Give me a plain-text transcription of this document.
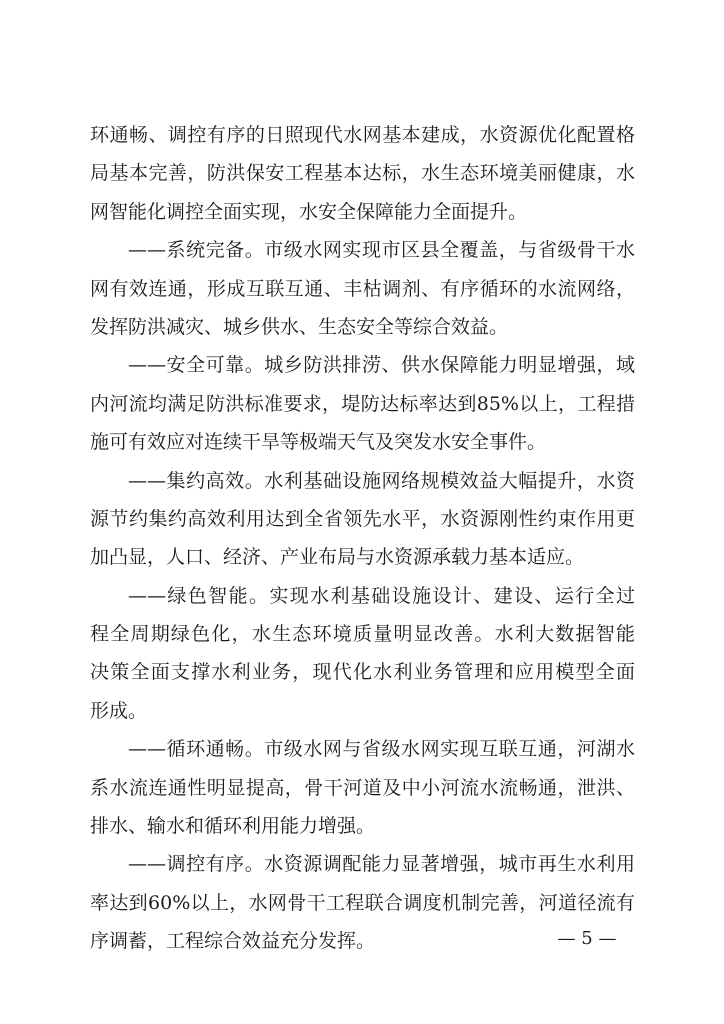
环通畅、调控有序的日照现代水网基本建成，水资源优化配置格
局基本完善，防洪保安工程基本达标，水生态环境美丽健康，水
网智能化调控全面实现，水安全保障能力全面提升。
——系统完备。市级水网实现市区县全覆盖，与省级骨干水
网有效连通，形成互联互通、丰枯调剂、有序循环的水流网络，
发挥防洪减灾、城乡供水、生态安全等综合效益。
——安全可靠。城乡防洪排涝、供水保障能力明显增强，域
内河流均满足防洪标准要求，堤防达标率达到85%以上，工程措
施可有效应对连续干旱等极端天气及突发水安全事件。
——集约高效。水利基础设施网络规模效益大幅提升，水资
源节约集约高效利用达到全省领先水平，水资源刚性约束作用更
加凸显，人口、经济、产业布局与水资源承载力基本适应。
——绿色智能。实现水利基础设施设计、建设、运行全过
程全周期绿色化，水生态环境质量明显改善。水利大数据智能
决策全面支撑水利业务，现代化水利业务管理和应用模型全面
形成。
——循环通畅。市级水网与省级水网实现互联互通，河湖水
系水流连通性明显提高，骨干河道及中小河流水流畅通，泄洪、
排水、输水和循环利用能力增强。
——调控有序。水资源调配能力显著增强，城市再生水利用
率达到60%以上，水网骨干工程联合调度机制完善，河道径流有
序调蓄，工程综合效益充分发挥。	— 5 —
